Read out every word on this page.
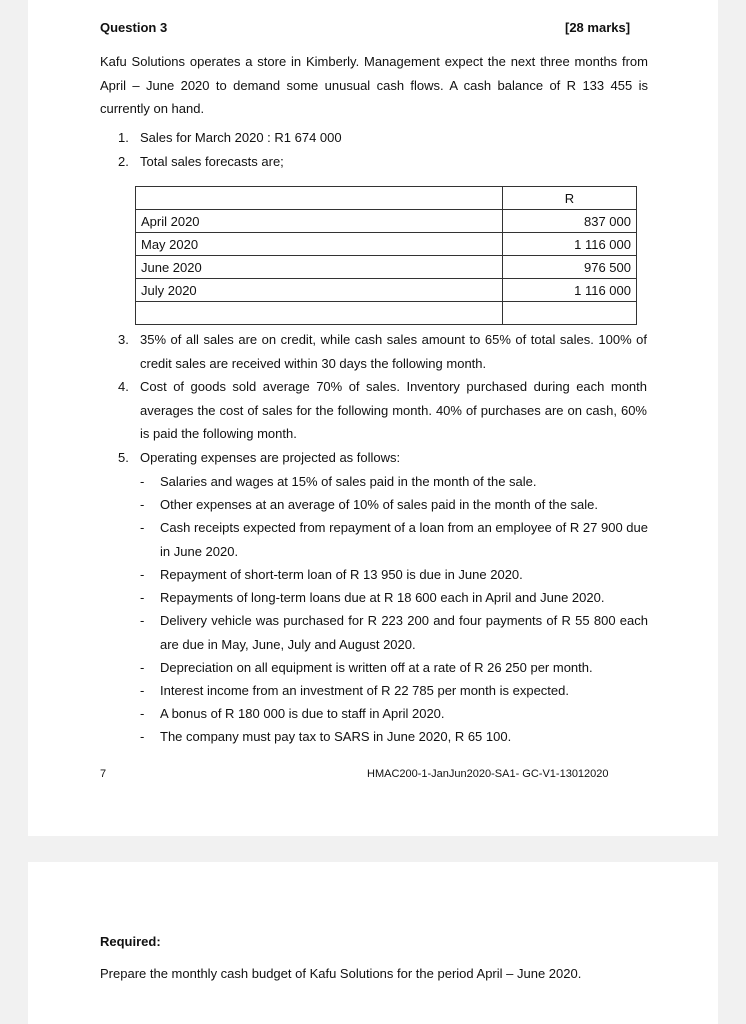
Question 3	[28 marks]
Kafu Solutions operates a store in Kimberly. Management expect the next three months from April – June 2020 to demand some unusual cash flows. A cash balance of R 133 455 is currently on hand.
1. Sales for March 2020 : R1 674 000
2. Total sales forecasts are;
	R
April 2020	837 000
May 2020	1 116 000
June 2020	976 500
July 2020	1 116 000

3. 35% of all sales are on credit, while cash sales amount to 65% of total sales. 100% of credit sales are received within 30 days the following month.
4. Cost of goods sold average 70% of sales. Inventory purchased during each month averages the cost of sales for the following month. 40% of purchases are on cash, 60% is paid the following month.
5. Operating expenses are projected as follows:
- Salaries and wages at 15% of sales paid in the month of the sale.
- Other expenses at an average of 10% of sales paid in the month of the sale.
- Cash receipts expected from repayment of a loan from an employee of R 27 900 due in June 2020.
- Repayment of short-term loan of R 13 950 is due in June 2020.
- Repayments of long-term loans due at R 18 600 each in April and June 2020.
- Delivery vehicle was purchased for R 223 200 and four payments of R 55 800 each are due in May, June, July and August 2020.
- Depreciation on all equipment is written off at a rate of R 26 250 per month.
- Interest income from an investment of R 22 785 per month is expected.
- A bonus of R 180 000 is due to staff in April 2020.
- The company must pay tax to SARS in June 2020, R 65 100.
7	HMAC200-1-JanJun2020-SA1- GC-V1-13012020
Required:
Prepare the monthly cash budget of Kafu Solutions for the period April – June 2020.
